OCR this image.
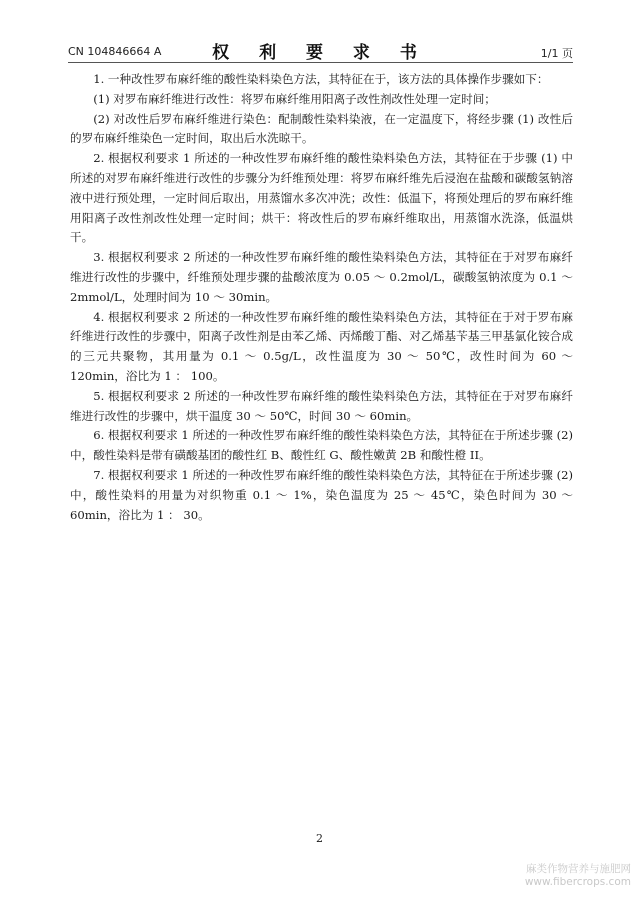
CN 104846664 A	权 利 要 求 书	1/1 页

1. 一种改性罗布麻纤维的酸性染料染色方法，其特征在于，该方法的具体操作步骤如下：

(1) 对罗布麻纤维进行改性：将罗布麻纤维用阳离子改性剂改性处理一定时间；

(2) 对改性后罗布麻纤维进行染色：配制酸性染料染液，在一定温度下，将经步骤 (1) 改性后的罗布麻纤维染色一定时间，取出后水洗晾干。

2. 根据权利要求 1 所述的一种改性罗布麻纤维的酸性染料染色方法，其特征在于步骤 (1) 中所述的对罗布麻纤维进行改性的步骤分为纤维预处理：将罗布麻纤维先后浸泡在盐酸和碳酸氢钠溶液中进行预处理，一定时间后取出，用蒸馏水多次冲洗；改性：低温下，将预处理后的罗布麻纤维用阳离子改性剂改性处理一定时间；烘干：将改性后的罗布麻纤维取出，用蒸馏水洗涤，低温烘干。

3. 根据权利要求 2 所述的一种改性罗布麻纤维的酸性染料染色方法，其特征在于对罗布麻纤维进行改性的步骤中，纤维预处理步骤的盐酸浓度为 0.05 ～ 0.2mol/L，碳酸氢钠浓度为 0.1 ～ 2mmol/L，处理时间为 10 ～ 30min。

4. 根据权利要求 2 所述的一种改性罗布麻纤维的酸性染料染色方法，其特征在于对于罗布麻纤维进行改性的步骤中，阳离子改性剂是由苯乙烯、丙烯酸丁酯、对乙烯基苄基三甲基氯化铵合成的三元共聚物，其用量为 0.1 ～ 0.5g/L，改性温度为 30 ～ 50℃，改性时间为 60 ～ 120min，浴比为 1 ： 100。

5. 根据权利要求 2 所述的一种改性罗布麻纤维的酸性染料染色方法，其特征在于对罗布麻纤维进行改性的步骤中，烘干温度 30 ～ 50℃，时间 30 ～ 60min。

6. 根据权利要求 1 所述的一种改性罗布麻纤维的酸性染料染色方法，其特征在于所述步骤 (2) 中，酸性染料是带有磺酸基团的酸性红 B、酸性红 G、酸性嫩黄 2B 和酸性橙 II。

7. 根据权利要求 1 所述的一种改性罗布麻纤维的酸性染料染色方法，其特征在于所述步骤 (2) 中，酸性染料的用量为对织物重 0.1 ～ 1%，染色温度为 25 ～ 45℃，染色时间为 30 ～ 60min，浴比为 1 ： 30。

2
麻类作物营养与施肥网
www.fibercrops.com
